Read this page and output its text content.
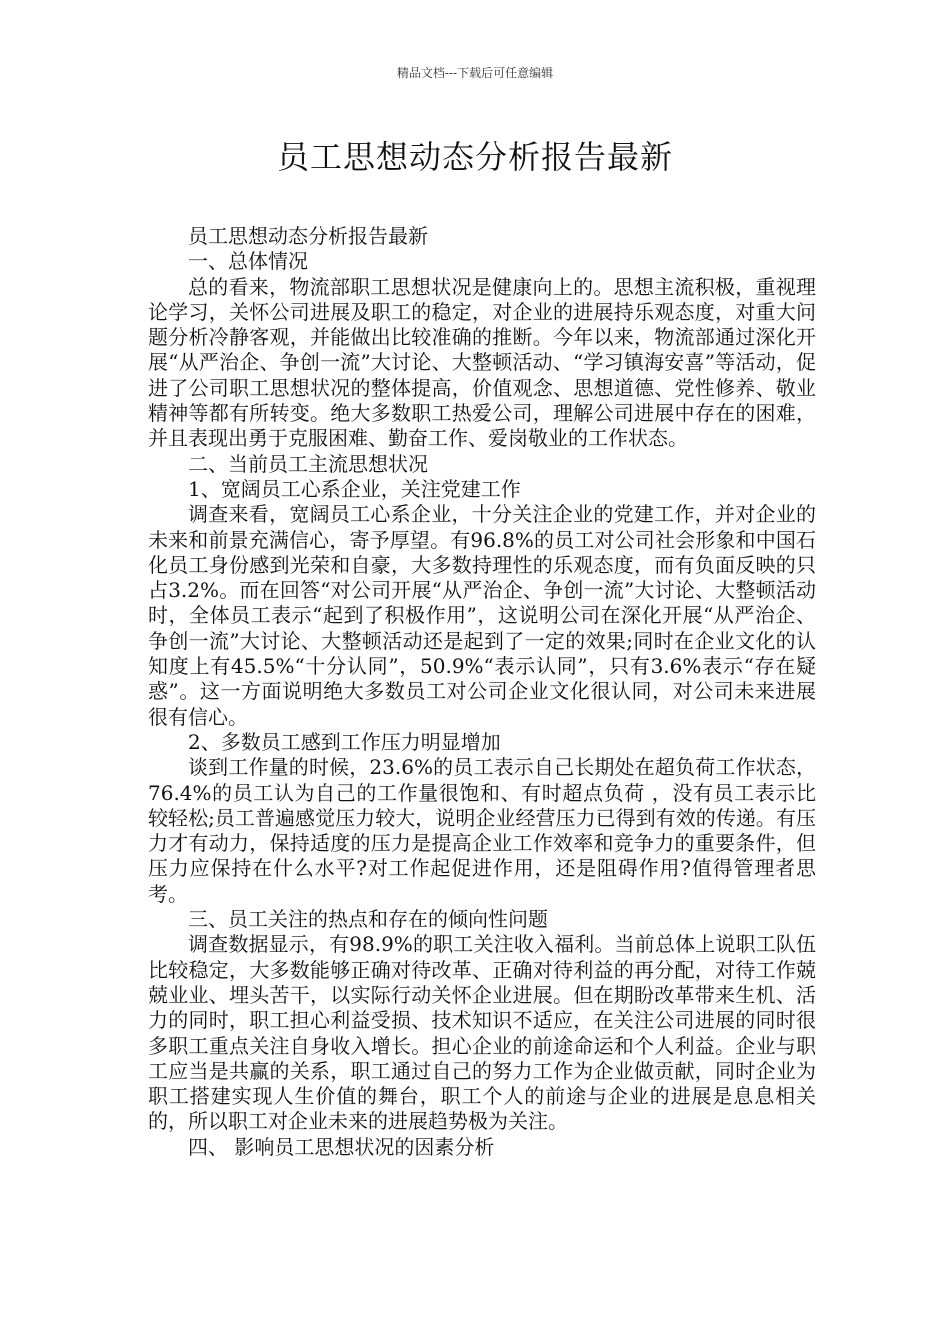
精品文档---下载后可任意编辑
员工思想动态分析报告最新

员工思想动态分析报告最新

一、总体情况

总的看来，物流部职工思想状况是健康向上的。思想主流积极，重视理论学习，关怀公司进展及职工的稳定，对企业的进展持乐观态度，对重大问题分析冷静客观，并能做出比较准确的推断。今年以来，物流部通过深化开展“从严治企、争创一流”大讨论、大整顿活动、“学习镇海安喜”等活动，促进了公司职工思想状况的整体提高，价值观念、思想道德、党性修养、敬业精神等都有所转变。绝大多数职工热爱公司，理解公司进展中存在的困难，并且表现出勇于克服困难、勤奋工作、爱岗敬业的工作状态。

二、当前员工主流思想状况

1、宽阔员工心系企业，关注党建工作

调查来看，宽阔员工心系企业，十分关注企业的党建工作，并对企业的未来和前景充满信心，寄予厚望。有96.8%的员工对公司社会形象和中国石化员工身份感到光荣和自豪，大多数持理性的乐观态度，而有负面反映的只占3.2%。而在回答“对公司开展“从严治企、争创一流”大讨论、大整顿活动时，全体员工表示“起到了积极作用”，这说明公司在深化开展“从严治企、争创一流”大讨论、大整顿活动还是起到了一定的效果;同时在企业文化的认知度上有45.5%“十分认同”，50.9%“表示认同”，只有3.6%表示“存在疑惑”。这一方面说明绝大多数员工对公司企业文化很认同，对公司未来进展很有信心。

2、多数员工感到工作压力明显增加

谈到工作量的时候，23.6%的员工表示自己长期处在超负荷工作状态，76.4%的员工认为自己的工作量很饱和、有时超点负荷 ，没有员工表示比较轻松;员工普遍感觉压力较大，说明企业经营压力已得到有效的传递。有压力才有动力，保持适度的压力是提高企业工作效率和竞争力的重要条件，但压力应保持在什么水平?对工作起促进作用，还是阻碍作用?值得管理者思考。

三、员工关注的热点和存在的倾向性问题

调查数据显示，有98.9%的职工关注收入福利。当前总体上说职工队伍比较稳定，大多数能够正确对待改革、正确对待利益的再分配，对待工作兢兢业业、埋头苦干，以实际行动关怀企业进展。但在期盼改革带来生机、活力的同时，职工担心利益受损、技术知识不适应，在关注公司进展的同时很多职工重点关注自身收入增长。担心企业的前途命运和个人利益。企业与职工应当是共赢的关系，职工通过自己的努力工作为企业做贡献，同时企业为职工搭建实现人生价值的舞台，职工个人的前途与企业的进展是息息相关的，所以职工对企业未来的进展趋势极为关注。

四、 影响员工思想状况的因素分析
